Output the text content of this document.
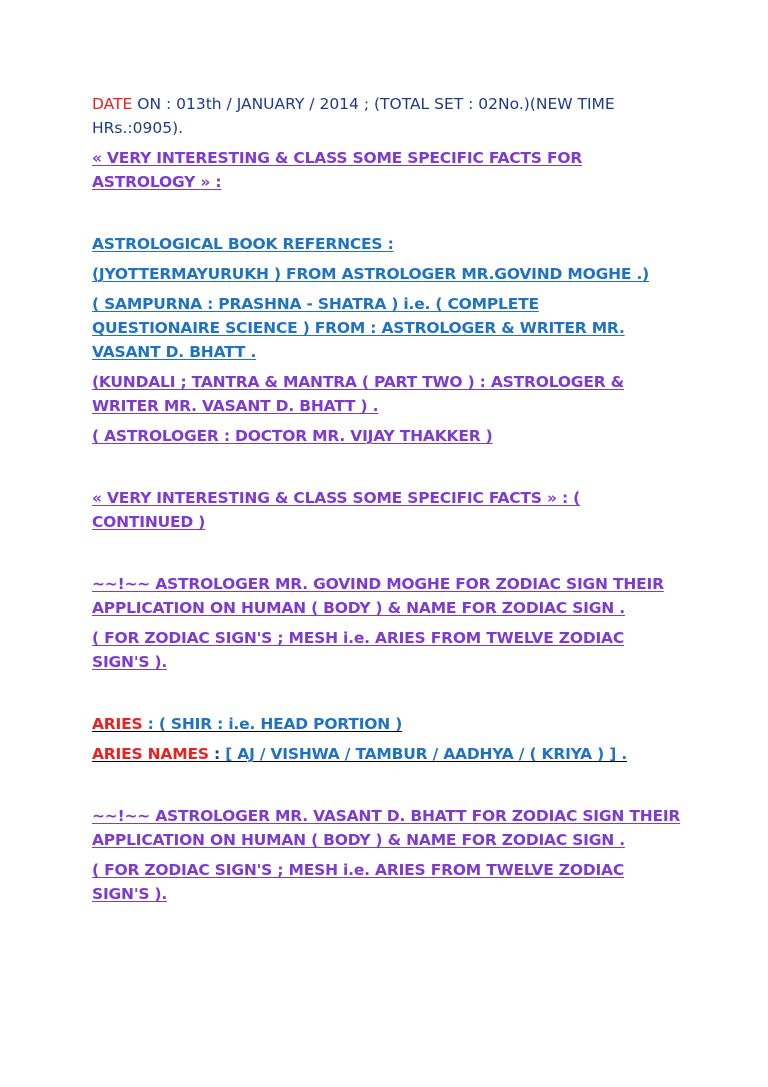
DATE ON : 013th / JANUARY / 2014 ; (TOTAL SET : 02No.)(NEW TIME

HRs.:0905).

« VERY INTERESTING & CLASS SOME SPECIFIC FACTS FOR

ASTROLOGY » :

ASTROLOGICAL BOOK REFERNCES :

(JYOTTERMAYURUKH ) FROM ASTROLOGER MR.GOVIND MOGHE .)

( SAMPURNA : PRASHNA - SHATRA ) i.e. ( COMPLETE

QUESTIONAIRE SCIENCE ) FROM : ASTROLOGER & WRITER MR.

VASANT D. BHATT .

(KUNDALI ; TANTRA & MANTRA ( PART TWO ) : ASTROLOGER &

WRITER MR. VASANT D. BHATT ) .

( ASTROLOGER : DOCTOR MR. VIJAY THAKKER )

« VERY INTERESTING & CLASS SOME SPECIFIC FACTS » : (

CONTINUED )

~~!~~ ASTROLOGER MR. GOVIND MOGHE FOR ZODIAC SIGN THEIR

APPLICATION ON HUMAN ( BODY ) & NAME FOR ZODIAC SIGN .

( FOR ZODIAC SIGN'S ; MESH i.e. ARIES FROM TWELVE ZODIAC

SIGN'S ).

ARIES : ( SHIR : i.e. HEAD PORTION )

ARIES NAMES : [ AJ / VISHWA / TAMBUR / AADHYA / ( KRIYA ) ] .

~~!~~ ASTROLOGER MR. VASANT D. BHATT FOR ZODIAC SIGN THEIR

APPLICATION ON HUMAN ( BODY ) & NAME FOR ZODIAC SIGN .

( FOR ZODIAC SIGN'S ; MESH i.e. ARIES FROM TWELVE ZODIAC

SIGN'S ).
